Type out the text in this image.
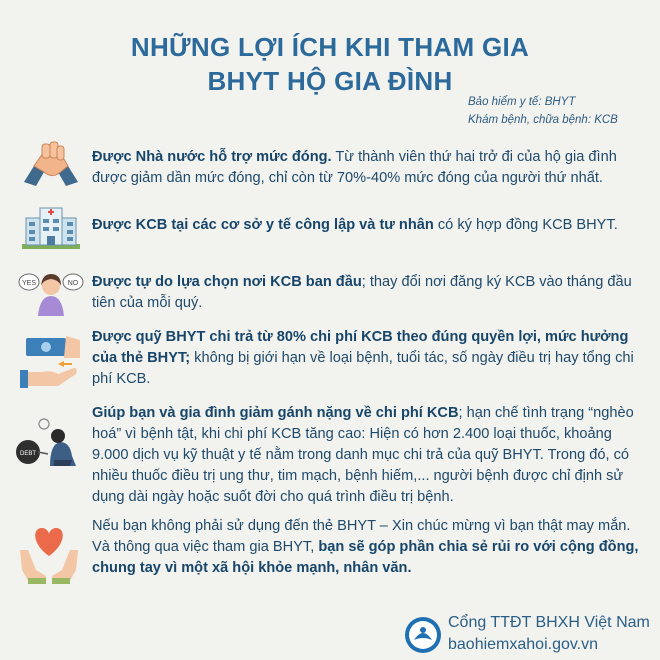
NHỮNG LỢI ÍCH KHI THAM GIA
BHYT HỘ GIA ĐÌNH
Bảo hiểm y tế: BHYT
Khám bệnh, chữa bệnh: KCB
YES	NO
DEBT
Được Nhà nước hỗ trợ mức đóng. Từ thành viên thứ hai trở đi của hộ gia đình được giảm dần mức đóng, chỉ còn từ 70%-40% mức đóng của người thứ nhất.
Được KCB tại các cơ sở y tế công lập và tư nhân có ký hợp đồng KCB BHYT.
Được tự do lựa chọn nơi KCB ban đầu; thay đổi nơi đăng ký KCB vào tháng đầu tiên của mỗi quý.
Được quỹ BHYT chi trả từ 80% chi phí KCB theo đúng quyền lợi, mức hưởng của thẻ BHYT; không bị giới hạn về loại bệnh, tuổi tác, số ngày điều trị hay tổng chi phí KCB.
Giúp bạn và gia đình giảm gánh nặng về chi phí KCB; hạn chế tình trạng “nghèo hoá” vì bệnh tật, khi chi phí KCB tăng cao: Hiện có hơn 2.400 loại thuốc, khoảng 9.000 dịch vụ kỹ thuật y tế nằm trong danh mục chi trả của quỹ BHYT. Trong đó, có nhiều thuốc điều trị ung thư, tim mạch, bệnh hiếm,... người bệnh được chỉ định sử dụng dài ngày hoặc suốt đời cho quá trình điều trị bệnh.
Nếu bạn không phải sử dụng đến thẻ BHYT – Xin chúc mừng vì bạn thật may mắn. Và thông qua việc tham gia BHYT, bạn sẽ góp phần chia sẻ rủi ro với cộng đồng, chung tay vì một xã hội khỏe mạnh, nhân văn.
Cổng TTĐT BHXH Việt Nam
baohiemxahoi.gov.vn
